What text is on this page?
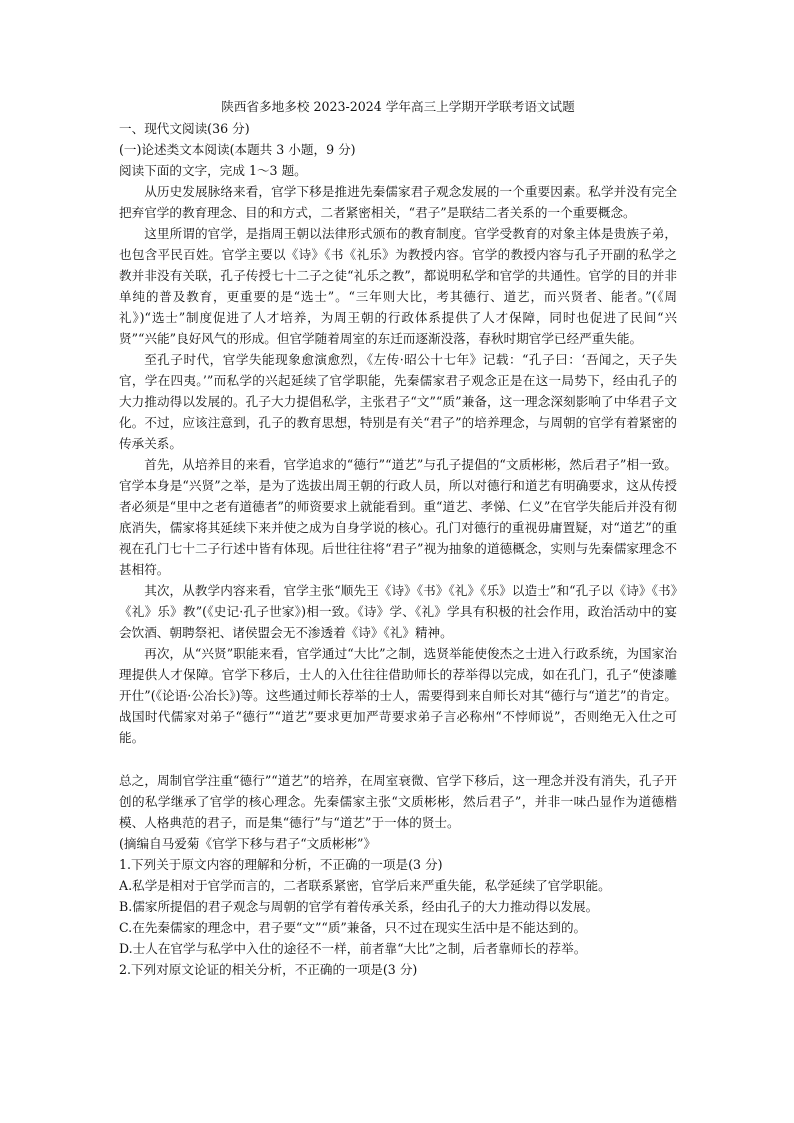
陕西省多地多校 2023-2024 学年高三上学期开学联考语文试题
一、现代文阅读(36 分)
(一)论述类文本阅读(本题共 3 小题，9 分)
阅读下面的文字，完成 1～3 题。

从历史发展脉络来看，官学下移是推进先秦儒家君子观念发展的一个重要因素。私学并没有完全把弃官学的教育理念、目的和方式，二者紧密相关，“君子”是联结二者关系的一个重要概念。

这里所谓的官学，是指周王朝以法律形式颁布的教育制度。官学受教育的对象主体是贵族子弟，也包含平民百姓。官学主要以《诗》《书《礼乐》为教授内容。官学的教授内容与孔子开副的私学之教并非没有关联，孔子传授七十二子之徒“礼乐之教”，都说明私学和官学的共通性。官学的目的并非单纯的普及教育，更重要的是“选士”。“三年则大比，考其德行、道艺，而兴贤者、能者。”(《周礼》)“选士”制度促进了人才培养，为周王朝的行政体系提供了人才保障，同时也促进了民间“兴贤”“兴能”良好风气的形成。但官学随着周室的东迁而逐渐没落，春秋时期官学已经严重失能。

至孔子时代，官学失能现象愈演愈烈，《左传·昭公十七年》记载：“孔子曰：‘吾闻之，天子失官，学在四夷。’”而私学的兴起延续了官学职能，先秦儒家君子观念正是在这一局势下，经由孔子的大力推动得以发展的。孔子大力提倡私学，主张君子“文”“质”兼备，这一理念深刻影响了中华君子文化。不过，应该注意到，孔子的教育思想，特别是有关“君子”的培养理念，与周朝的官学有着紧密的传承关系。

首先，从培养目的来看，官学追求的“德行”“道艺”与孔子提倡的“文质彬彬，然后君子”相一致。官学本身是“兴贤”之举，是为了选拔出周王朝的行政人员，所以对德行和道艺有明确要求，这从传授者必须是“里中之老有道德者”的师资要求上就能看到。重“道艺、孝悌、仁义”在官学失能后并没有彻底消失，儒家将其延续下来并使之成为自身学说的核心。孔门对德行的重视毋庸置疑，对“道艺”的重视在孔门七十二子行述中皆有体现。后世往往将“君子”视为抽象的道德概念，实则与先秦儒家理念不甚相符。

其次，从教学内容来看，官学主张“顺先王《诗》《书》《礼》《乐》以造士”和“孔子以《诗》《书》《礼》乐》教”(《史记·孔子世家》)相一致。《诗》学、《礼》学具有积极的社会作用，政治活动中的宴会饮酒、朝聘祭祀、诸侯盟会无不渗透着《诗》《礼》精神。

再次，从“兴贤”职能来看，官学通过“大比”之制，选贤举能使俊杰之士进入行政系统，为国家治理提供人才保障。官学下移后，士人的入仕往往借助师长的荐举得以完成，如在孔门，孔子“使漆雕开仕”(《论语·公冶长》)等。这些通过师长荐举的士人，需要得到来自师长对其“德行与“道艺”的肯定。战国时代儒家对弟子“德行”“道艺”要求更加严苛要求弟子言必称州“不悖师说”，否则绝无入仕之可能。

总之，周制官学注重“德行”“道艺”的培养，在周室衰微、官学下移后，这一理念并没有消失，孔子开创的私学继承了官学的核心理念。先秦儒家主张“文质彬彬，然后君子”，并非一味凸显作为道德楷模、人格典范的君子，而是集“德行”与“道艺”于一体的贤士。

(摘编自马爱菊《官学下移与君子“文质彬彬”》
1.下列关于原文内容的理解和分析，不正确的一项是(3 分)
A.私学是相对于官学而言的，二者联系紧密，官学后来严重失能，私学延续了官学职能。
B.儒家所提倡的君子观念与周朝的官学有着传承关系，经由孔子的大力推动得以发展。
C.在先秦儒家的理念中，君子要“文”“质”兼备，只不过在现实生活中是不能达到的。
D.士人在官学与私学中入仕的途径不一样，前者靠“大比”之制，后者靠师长的荐举。
2.下列对原文论证的相关分析，不正确的一项是(3 分)
